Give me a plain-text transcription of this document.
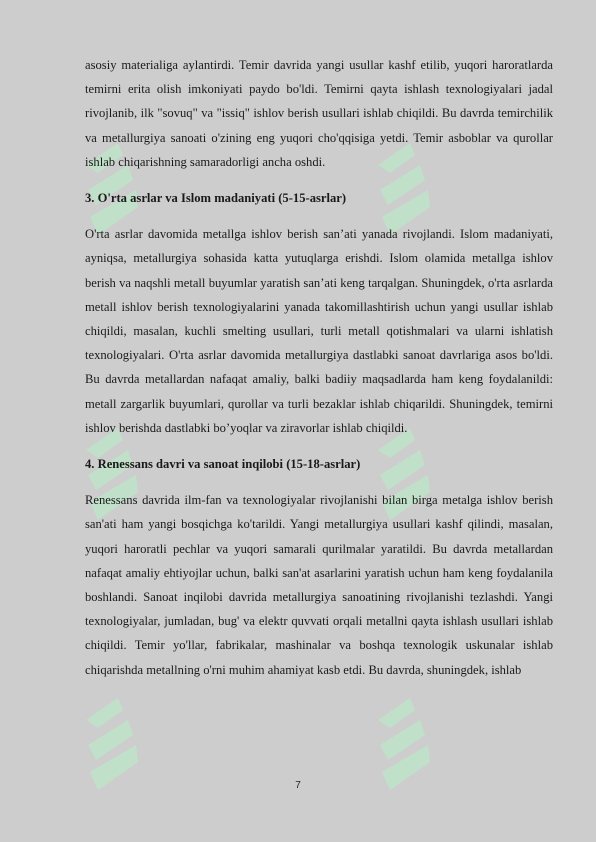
asosiy materialiga aylantirdi. Temir davrida yangi usullar kashf etilib, yuqori haroratlarda temirni erita olish imkoniyati paydo bo'ldi. Temirni qayta ishlash texnologiyalari jadal rivojlanib, ilk "sovuq" va "issiq" ishlov berish usullari ishlab chiqildi. Bu davrda temirchilik va metallurgiya sanoati o'zining eng yuqori cho'qqisiga yetdi. Temir asboblar va qurollar ishlab chiqarishning samaradorligi ancha oshdi.

3. O'rta asrlar va Islom madaniyati (5-15-asrlar)

O'rta asrlar davomida metallga ishlov berish san’ati yanada rivojlandi. Islom madaniyati, ayniqsa, metallurgiya sohasida katta yutuqlarga erishdi. Islom olamida metallga ishlov berish va naqshli metall buyumlar yaratish san’ati keng tarqalgan. Shuningdek, o'rta asrlarda metall ishlov berish texnologiyalarini yanada takomillashtirish uchun yangi usullar ishlab chiqildi, masalan, kuchli smelting usullari, turli metall qotishmalari va ularni ishlatish texnologiyalari. O'rta asrlar davomida metallurgiya dastlabki sanoat davrlariga asos bo'ldi. Bu davrda metallardan nafaqat amaliy, balki badiiy maqsadlarda ham keng foydalanildi: metall zargarlik buyumlari, qurollar va turli bezaklar ishlab chiqarildi. Shuningdek, temirni ishlov berishda dastlabki bo’yoqlar va ziravorlar ishlab chiqildi.

4. Renessans davri va sanoat inqilobi (15-18-asrlar)

Renessans davrida ilm-fan va texnologiyalar rivojlanishi bilan birga metalga ishlov berish san'ati ham yangi bosqichga ko'tarildi. Yangi metallurgiya usullari kashf qilindi, masalan, yuqori haroratli pechlar va yuqori samarali qurilmalar yaratildi. Bu davrda metallardan nafaqat amaliy ehtiyojlar uchun, balki san'at asarlarini yaratish uchun ham keng foydalanila boshlandi. Sanoat inqilobi davrida metallurgiya sanoatining rivojlanishi tezlashdi. Yangi texnologiyalar, jumladan, bug' va elektr quvvati orqali metallni qayta ishlash usullari ishlab chiqildi. Temir yo'llar, fabrikalar, mashinalar va boshqa texnologik uskunalar ishlab chiqarishda metallning o'rni muhim ahamiyat kasb etdi. Bu davrda, shuningdek, ishlab

7
